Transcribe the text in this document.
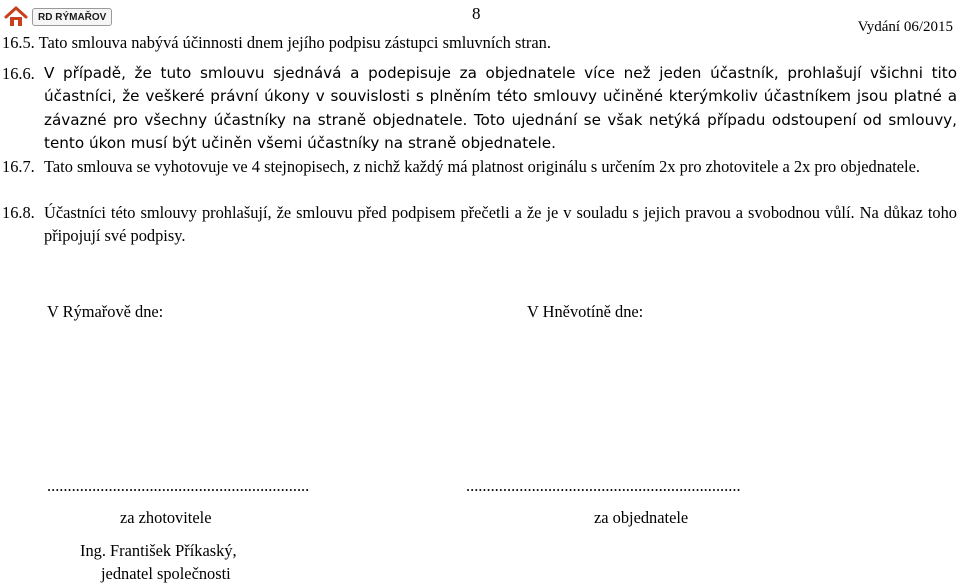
RD RÝMAŘOV	8
Vydání 06/2015
16.5. Tato smlouva nabývá účinnosti dnem jejího podpisu zástupci smluvních stran.
16.6. V případě, že tuto smlouvu sjednává a podepisuje za objednatele více než jeden účastník, prohlašují všichni tito účastníci, že veškeré právní úkony v souvislosti s plněním této smlouvy učiněné kterýmkoliv účastníkem jsou platné a závazné pro všechny účastníky na straně objednatele. Toto ujednání se však netýká případu odstoupení od smlouvy, tento úkon musí být učiněn všemi účastníky na straně objednatele.
16.7. Tato smlouva se vyhotovuje ve 4 stejnopisech, z nichž každý má platnost originálu s určením 2x pro zhotovitele a 2x pro objednatele.
16.8. Účastníci této smlouvy prohlašují, že smlouvu před podpisem přečetli a že je v souladu s jejich pravou a svobodnou vůlí. Na důkaz toho připojují své podpisy.
V Rýmařově dne:	V Hněvotíně dne:
................................................................	...................................................................
za zhotovitele	za objednatele
Ing. František Příkaský,
jednatel společnosti
